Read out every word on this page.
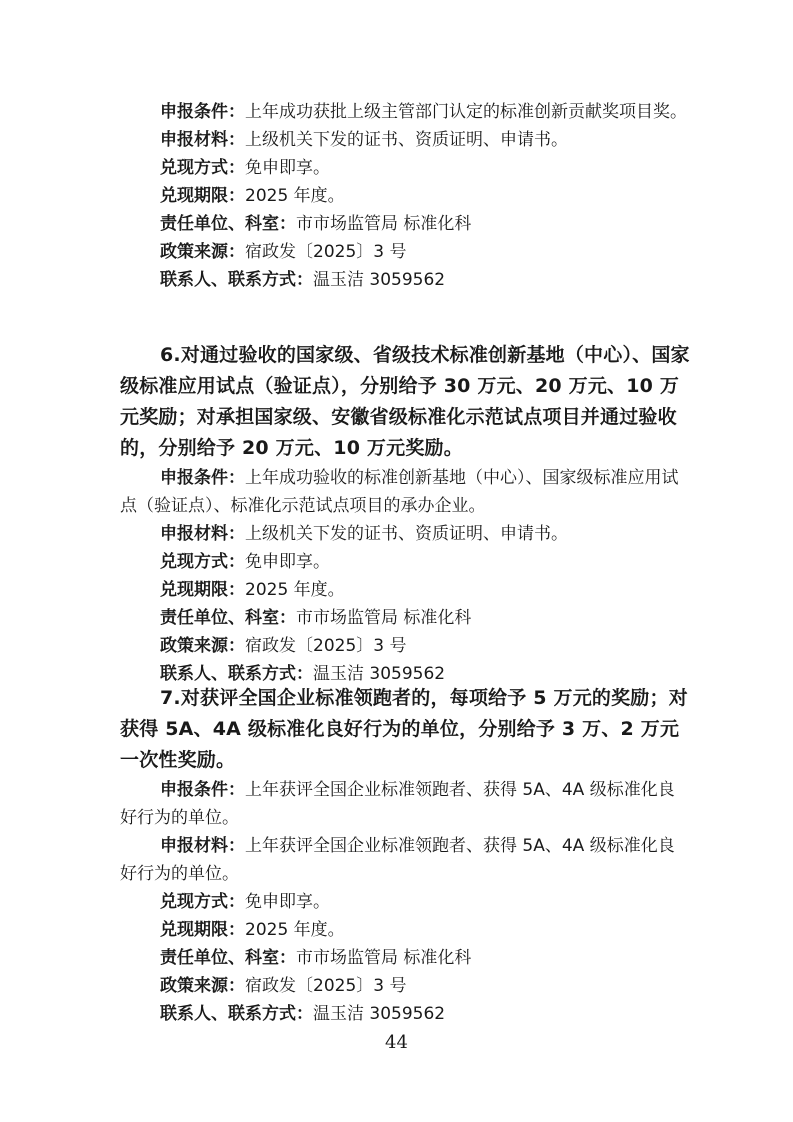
申报条件：上年成功获批上级主管部门认定的标准创新贡献奖项目奖。

申报材料：上级机关下发的证书、资质证明、申请书。

兑现方式：免申即享。

兑现期限：2025 年度。

责任单位、科室：市市场监管局 标准化科

政策来源：宿政发〔2025〕3 号

联系人、联系方式：温玉洁 3059562

6.对通过验收的国家级、省级技术标准创新基地（中心）、国家级标准应用试点（验证点），分别给予 30 万元、20 万元、10 万元奖励；对承担国家级、安徽省级标准化示范试点项目并通过验收的，分别给予 20 万元、10 万元奖励。

申报条件：上年成功验收的标准创新基地（中心）、国家级标准应用试点（验证点）、标准化示范试点项目的承办企业。

申报材料：上级机关下发的证书、资质证明、申请书。

兑现方式：免申即享。

兑现期限：2025 年度。

责任单位、科室：市市场监管局 标准化科

政策来源：宿政发〔2025〕3 号

联系人、联系方式：温玉洁 3059562

7.对获评全国企业标准领跑者的，每项给予 5 万元的奖励；对获得 5A、4A 级标准化良好行为的单位，分别给予 3 万、2 万元一次性奖励。

申报条件：上年获评全国企业标准领跑者、获得 5A、4A 级标准化良好行为的单位。

申报材料：上年获评全国企业标准领跑者、获得 5A、4A 级标准化良好行为的单位。

兑现方式：免申即享。

兑现期限：2025 年度。

责任单位、科室：市市场监管局 标准化科

政策来源：宿政发〔2025〕3 号

联系人、联系方式：温玉洁 3059562

44
